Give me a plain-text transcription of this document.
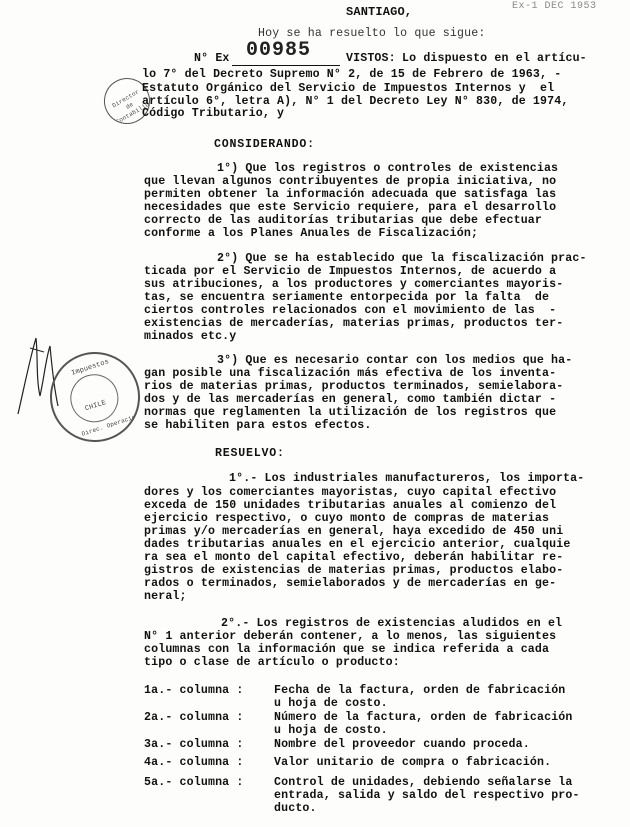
SANTIAGO,	Ex-1 DEC 1953
Hoy se ha resuelto lo que sigue:
Director de Contabilidad
N° Ex 00985	VISTOS: Lo dispuesto en el artícu-
lo 7° del Decreto Supremo N° 2, de 15 de Febrero de 1963, -
Estatuto Orgánico del Servicio de Impuestos Internos y  el
artículo 6°, letra A), N° 1 del Decreto Ley N° 830, de 1974,
Código Tributario, y
CONSIDERANDO:
1°) Que los registros o controles de existencias
que llevan algunos contribuyentes de propia iniciativa, no
permiten obtener la información adecuada que satisfaga las
necesidades que este Servicio requiere, para el desarrollo
correcto de las auditorías tributarias que debe efectuar
conforme a los Planes Anuales de Fiscalización;
2°) Que se ha establecido que la fiscalización prac-
ticada por el Servicio de Impuestos Internos, de acuerdo a
sus atribuciones, a los productores y comerciantes mayoris-
tas, se encuentra seriamente entorpecida por la falta  de
ciertos controles relacionados con el movimiento de las  -
existencias de mercaderías, materias primas, productos ter-
minados etc.y
3°) Que es necesario contar con los medios que ha-
gan posible una fiscalización más efectiva de los inventa-
rios de materias primas, productos terminados, semielabora-
dos y de las mercaderías en general, como también dictar -
normas que reglamenten la utilización de los registros que
se habiliten para estos efectos.
Impuestos
CHILE
Ss. Direc. Operaciones
RESUELVO:
1°.- Los industriales manufactureros, los importa-
dores y los comerciantes mayoristas, cuyo capital efectivo
exceda de 150 unidades tributarias anuales al comienzo del
ejercicio respectivo, o cuyo monto de compras de materias
primas y/o mercaderías en general, haya excedido de 450 uni
dades tributarias anuales en el ejercicio anterior, cualquie
ra sea el monto del capital efectivo, deberán habilitar re-
gistros de existencias de materias primas, productos elabo-
rados o terminados, semielaborados y de mercaderías en ge-
neral;
2°.- Los registros de existencias aludidos en el
N° 1 anterior deberán contener, a lo menos, las siguientes
columnas con la información que se indica referida a cada
tipo o clase de artículo o producto:
1a.- columna :	Fecha de la factura, orden de fabricación
u hoja de costo.
2a.- columna :	Número de la factura, orden de fabricación
u hoja de costo.
3a.- columna :	Nombre del proveedor cuando proceda.
4a.- columna :	Valor unitario de compra o fabricación.
5a.- columna :	Control de unidades, debiendo señalarse la
entrada, salida y saldo del respectivo pro-
ducto.
